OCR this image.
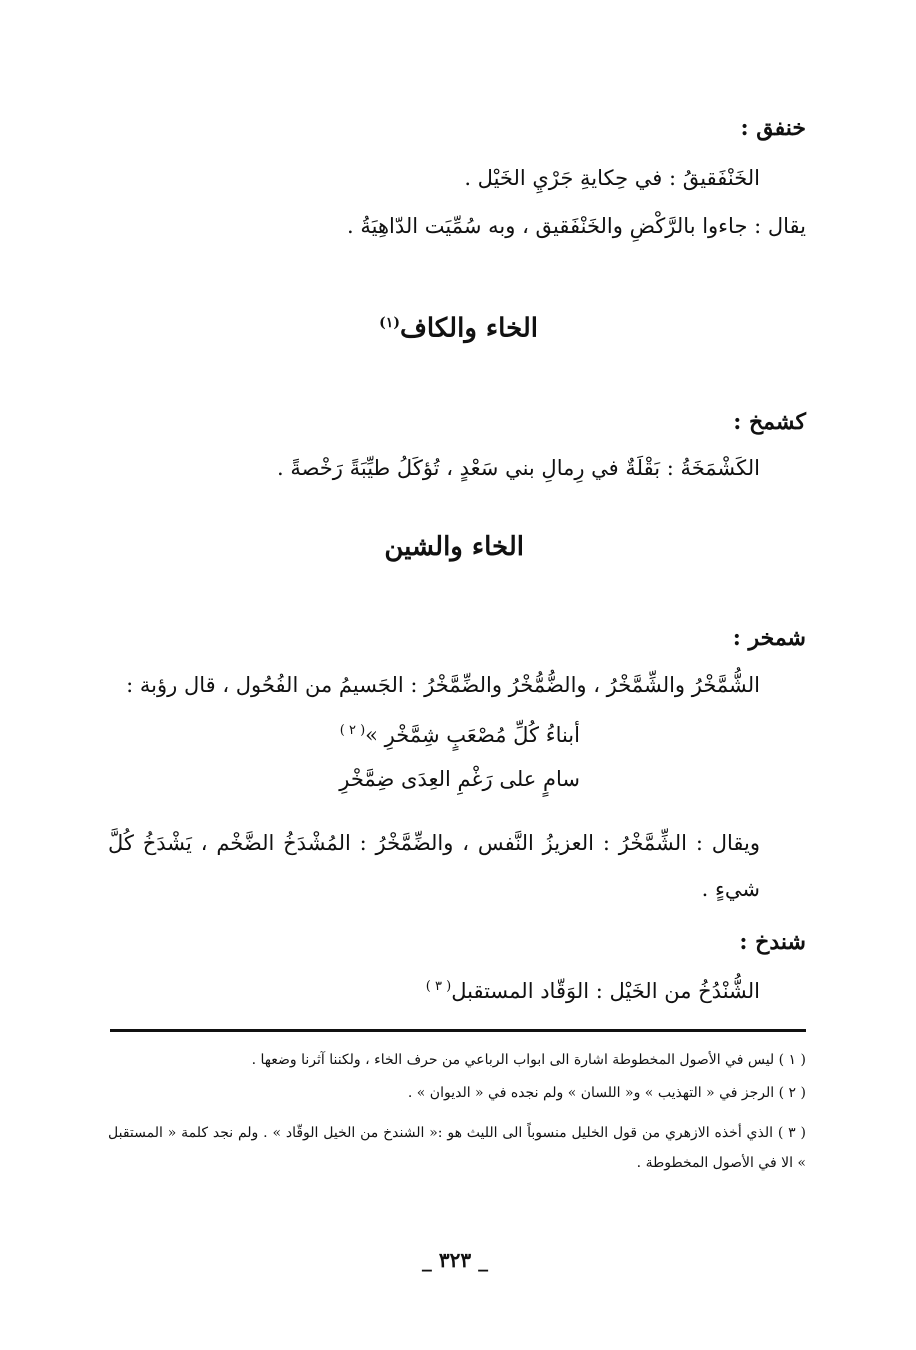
خنفق :
الخَنْفَقيقُ : في حِكايةِ جَرْيِ الخَيْل .
يقال : جاءوا بالرَّكْضِ والخَنْفَقيق ، وبه سُمِّيَت الدّاهِيَةُ .
الخاء والكاف$^{(١)}$
كشمخ :
الكَشْمَخَةُ : بَقْلَةٌ في رِمالِ بني سَعْدٍ ، تُؤكَلُ طيِّبَةً رَخْصةً .
الخاء والشين
شمخر :
الشُّمَّخْرُ والشِّمَّخْرُ ، والضُّمُّخْرُ والضِّمَّخْرُ : الجَسيمُ من الفُحُول ، قال رؤبة :
أبناءُ كُلِّ مُصْعَبٍ شِمَّخْرِ »$^{( ٢ )}$
سامٍ على رَغْمِ العِدَى ضِمَّخْرِ
ويقال : الشِّمَّخْرُ : العزيزُ النَّفس ، والضِّمَّخْرُ : المُشْدَخُ الضَّخْم ، يَشْدَخُ كُلَّ شيءٍ .
شندخ :
الشُّنْدُخُ من الخَيْل : الوَقّاد المستقبل$^{( ٣ )}$
( ١ ) ليس في الأصول المخطوطة اشارة الى ابواب الرباعي من حرف الخاء ، ولكننا آثرنا وضعها .
( ٢ ) الرجز في « التهذيب » و« اللسان » ولم نجده في « الديوان » .
( ٣ ) الذي أخذه الازهري من قول الخليل منسوباً الى الليث هو :« الشندخ من الخيل الوقّاد » . ولم نجد كلمة « المستقبل » الا في الأصول المخطوطة .
_ ٣٢٣ _
